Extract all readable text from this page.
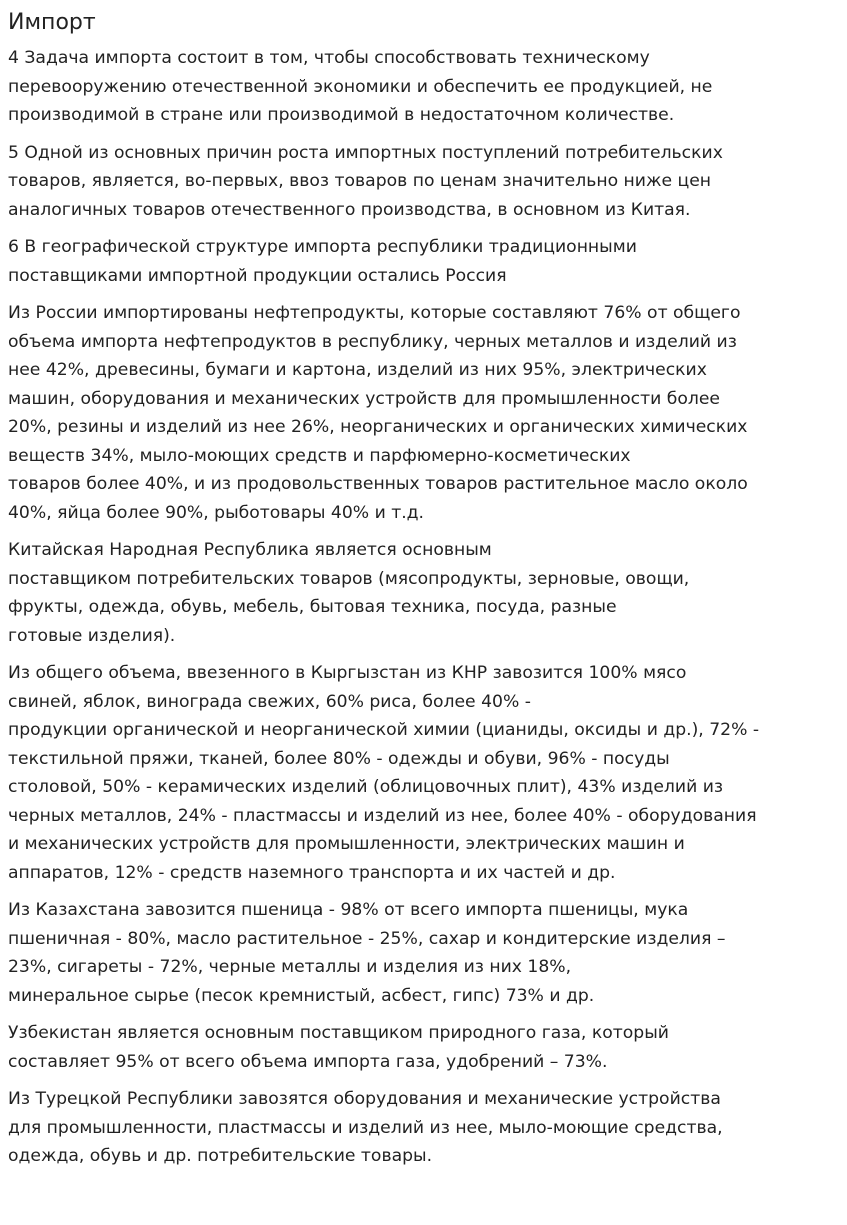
Импорт

4 Задача импорта состоит в том, чтобы способствовать техническому
перевооружению отечественной экономики и обеспечить ее продукцией, не
производимой в стране или производимой в недостаточном количестве.

5 Одной из основных причин роста импортных поступлений потребительских
товаров, является, во-первых, ввоз товаров по ценам значительно ниже цен
аналогичных товаров отечественного производства, в основном из Китая.

6 В географической структуре импорта республики традиционными
поставщиками импортной продукции остались Россия

Из России импортированы нефтепродукты, которые составляют 76% от общего
объема импорта нефтепродуктов в республику, черных металлов и изделий из
нее 42%, древесины, бумаги и картона, изделий из них 95%, электрических
машин, оборудования и механических устройств для промышленности более
20%, резины и изделий из нее 26%, неорганических и органических химических
веществ 34%, мыло-моющих средств и парфюмерно-косметических
товаров более 40%, и из продовольственных товаров растительное масло около
40%, яйца более 90%, рыботовары 40% и т.д.

Китайская Народная Республика является основным
поставщиком потребительских товаров (мясопродукты, зерновые, овощи,
фрукты, одежда, обувь, мебель, бытовая техника, посуда, разные
готовые изделия).

Из общего объема, ввезенного в Кыргызстан из КНР завозится 100% мясо
свиней, яблок, винограда свежих, 60% риса, более 40% -
продукции органической и неорганической химии (цианиды, оксиды и др.), 72% -
текстильной пряжи, тканей, более 80% - одежды и обуви, 96% - посуды
столовой, 50% - керамических изделий (облицовочных плит), 43% изделий из
черных металлов, 24% - пластмассы и изделий из нее, более 40% - оборудования
и механических устройств для промышленности, электрических машин и
аппаратов, 12% - средств наземного транспорта и их частей и др.

Из Казахстана завозится пшеница - 98% от всего импорта пшеницы, мука
пшеничная - 80%, масло растительное - 25%, сахар и кондитерские изделия –
23%, сигареты - 72%, черные металлы и изделия из них 18%,
минеральное сырье (песок кремнистый, асбест, гипс) 73% и др.

Узбекистан является основным поставщиком природного газа, который
составляет 95% от всего объема импорта газа, удобрений – 73%.

Из Турецкой Республики завозятся оборудования и механические устройства
для промышленности, пластмассы и изделий из нее, мыло-моющие средства,
одежда, обувь и др. потребительские товары.
